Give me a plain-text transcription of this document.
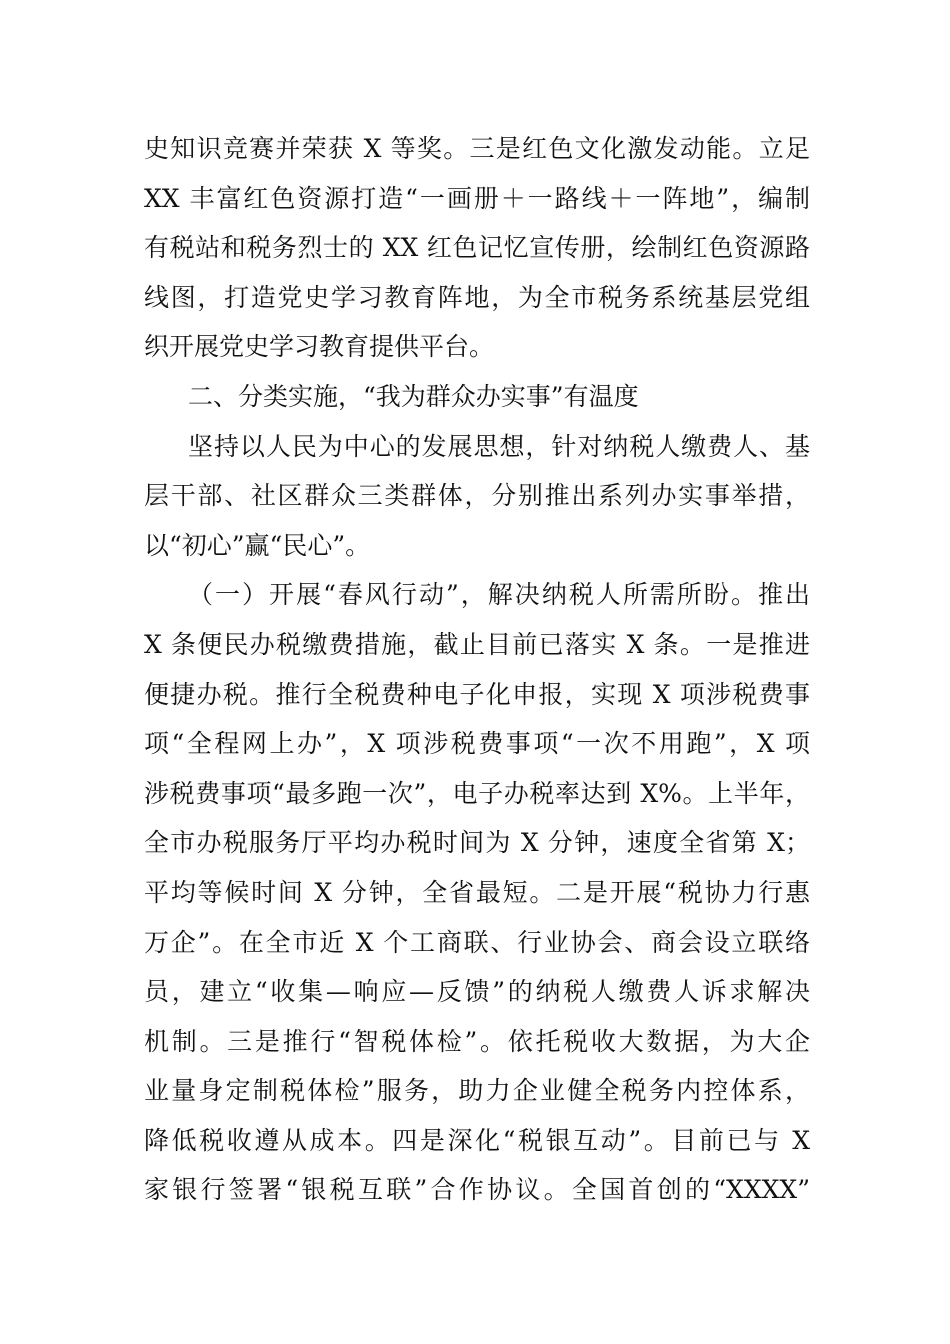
史知识竞赛并荣获 X 等奖。三是红色文化激发动能。立足
XX 丰富红色资源打造“一画册＋一路线＋一阵地”，编制
有税站和税务烈士的 XX 红色记忆宣传册，绘制红色资源路
线图，打造党史学习教育阵地，为全市税务系统基层党组
织开展党史学习教育提供平台。
二、分类实施，“我为群众办实事”有温度
坚持以人民为中心的发展思想，针对纳税人缴费人、基
层干部、社区群众三类群体，分别推出系列办实事举措，
以“初心”赢“民心”。
（一）开展“春风行动”，解决纳税人所需所盼。推出
X 条便民办税缴费措施，截止目前已落实 X 条。一是推进
便捷办税。推行全税费种电子化申报，实现 X 项涉税费事
项“全程网上办”，X 项涉税费事项“一次不用跑”，X 项
涉税费事项“最多跑一次”，电子办税率达到 X%。上半年，
全市办税服务厅平均办税时间为 X 分钟，速度全省第 X；
平均等候时间 X 分钟，全省最短。二是开展“税协力行惠
万企”。在全市近 X 个工商联、行业协会、商会设立联络
员，建立“收集—响应—反馈”的纳税人缴费人诉求解决
机制。三是推行“智税体检”。依托税收大数据，为大企
业量身定制税体检”服务，助力企业健全税务内控体系，
降低税收遵从成本。四是深化“税银互动”。目前已与 X
家银行签署“银税互联”合作协议。全国首创的“XXXX”
